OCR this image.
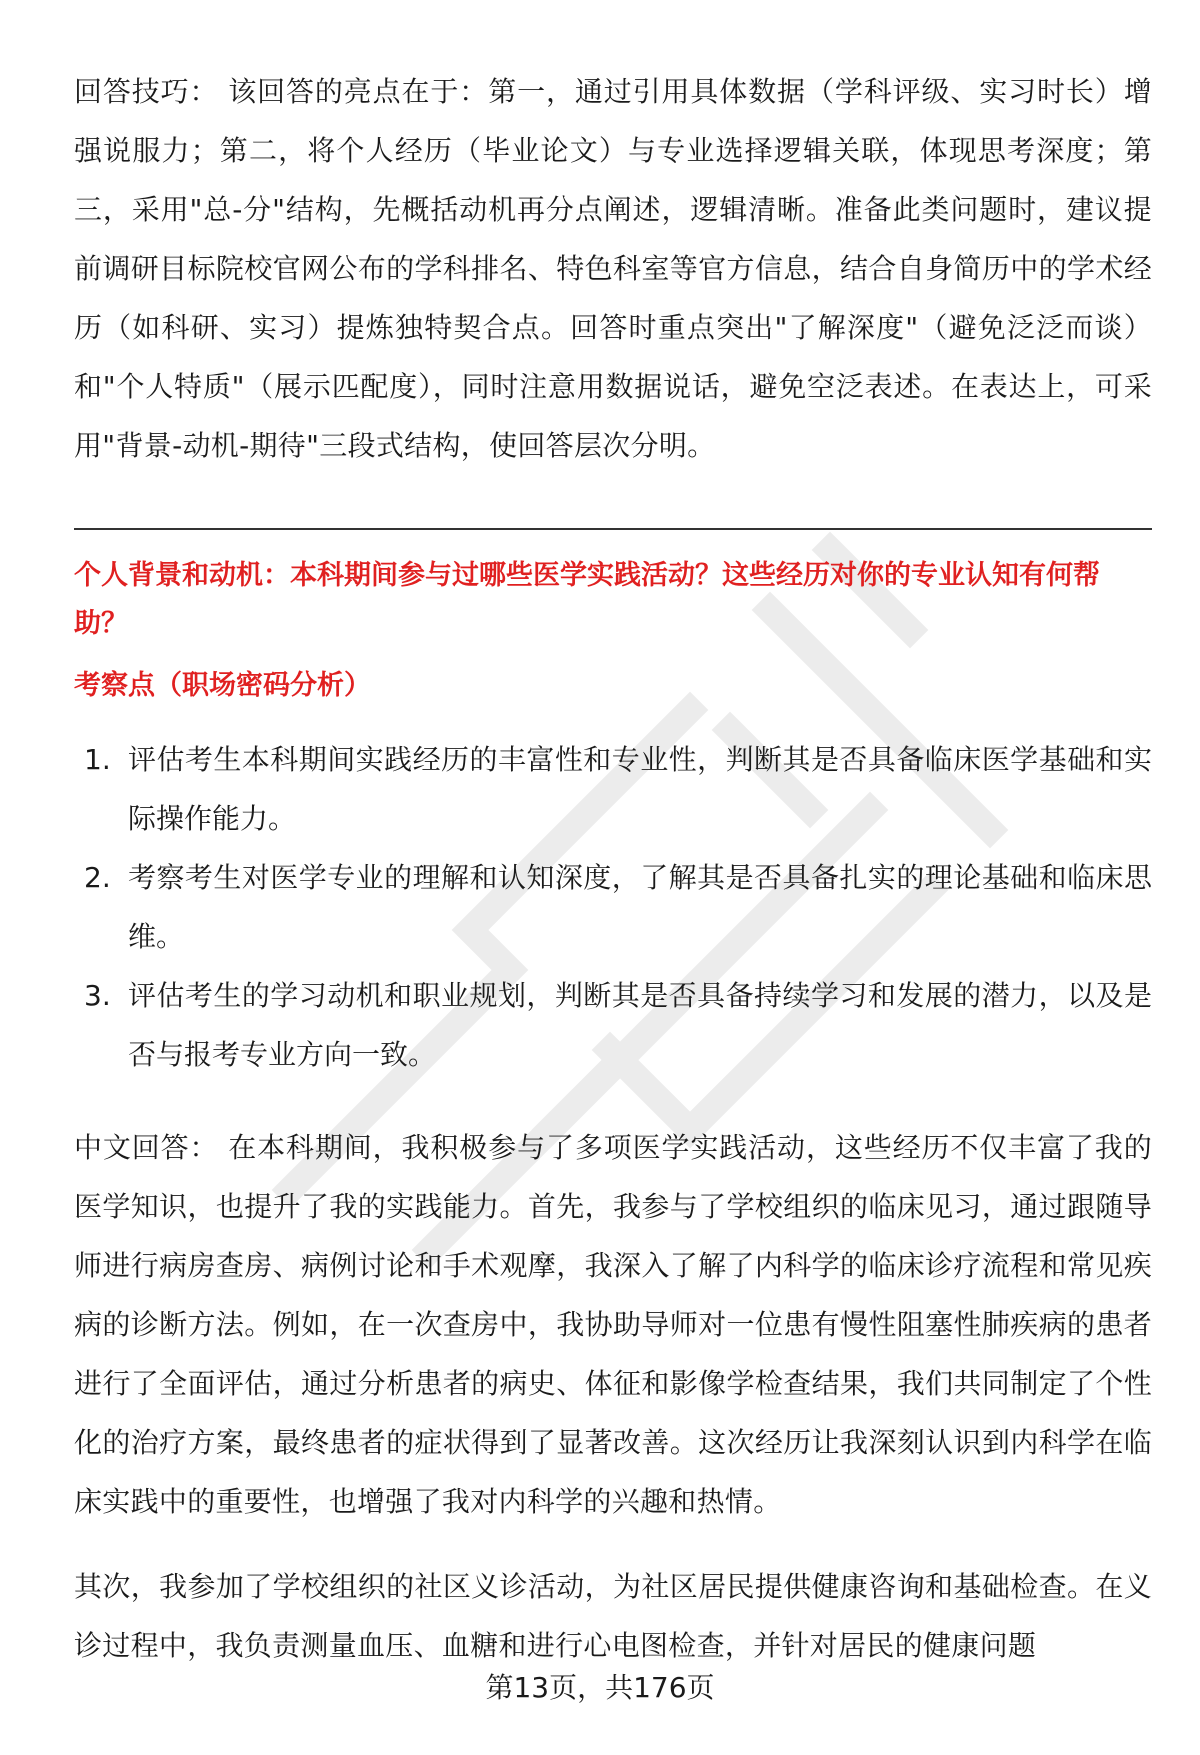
回答技巧： 该回答的亮点在于：第一，通过引用具体数据（学科评级、实习时长）增强说服力；第二，将个人经历（毕业论文）与专业选择逻辑关联，体现思考深度；第三，采用"总-分"结构，先概括动机再分点阐述，逻辑清晰。准备此类问题时，建议提前调研目标院校官网公布的学科排名、特色科室等官方信息，结合自身简历中的学术经历（如科研、实习）提炼独特契合点。回答时重点突出"了解深度"（避免泛泛而谈）和"个人特质"（展示匹配度），同时注意用数据说话，避免空泛表述。在表达上，可采用"背景-动机-期待"三段式结构，使回答层次分明。

个人背景和动机：本科期间参与过哪些医学实践活动？这些经历对你的专业认知有何帮助？

考察点（职场密码分析）

1. 评估考生本科期间实践经历的丰富性和专业性，判断其是否具备临床医学基础和实际操作能力。
2. 考察考生对医学专业的理解和认知深度，了解其是否具备扎实的理论基础和临床思维。
3. 评估考生的学习动机和职业规划，判断其是否具备持续学习和发展的潜力，以及是否与报考专业方向一致。

中文回答： 在本科期间，我积极参与了多项医学实践活动，这些经历不仅丰富了我的医学知识，也提升了我的实践能力。首先，我参与了学校组织的临床见习，通过跟随导师进行病房查房、病例讨论和手术观摩，我深入了解了内科学的临床诊疗流程和常见疾病的诊断方法。例如，在一次查房中，我协助导师对一位患有慢性阻塞性肺疾病的患者进行了全面评估，通过分析患者的病史、体征和影像学检查结果，我们共同制定了个性化的治疗方案，最终患者的症状得到了显著改善。这次经历让我深刻认识到内科学在临床实践中的重要性，也增强了我对内科学的兴趣和热情。

其次，我参加了学校组织的社区义诊活动，为社区居民提供健康咨询和基础检查。在义诊过程中，我负责测量血压、血糖和进行心电图检查，并针对居民的健康问题

第13页，共176页
